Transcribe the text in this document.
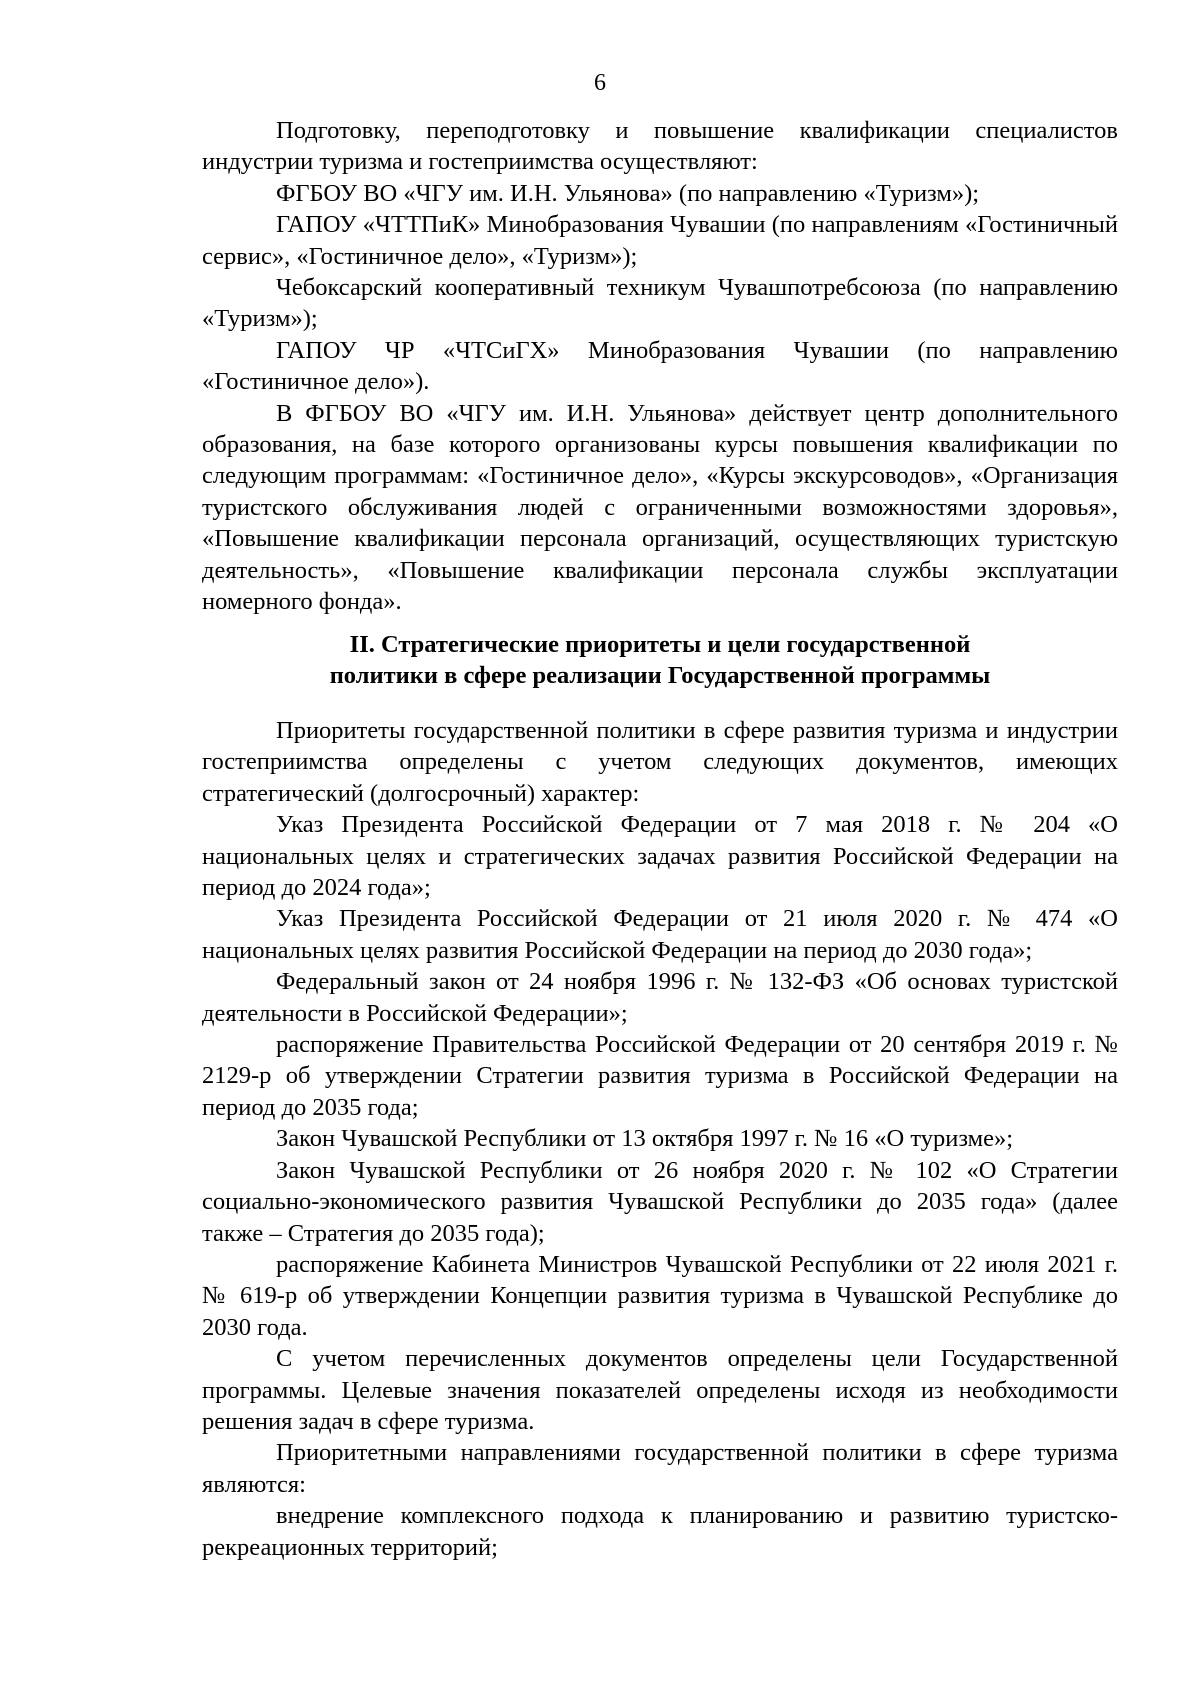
6

Подготовку, переподготовку и повышение квалификации специалистов индустрии туризма и гостеприимства осуществляют:

ФГБОУ ВО «ЧГУ им. И.Н. Ульянова» (по направлению «Туризм»);

ГАПОУ «ЧТТПиК» Минобразования Чувашии (по направлениям «Гостиничный сервис», «Гостиничное дело», «Туризм»);

Чебоксарский кооперативный техникум Чувашпотребсоюза (по направлению «Туризм»);

ГАПОУ ЧР «ЧТСиГХ» Минобразования Чувашии (по направлению «Гостиничное дело»).

В ФГБОУ ВО «ЧГУ им. И.Н. Ульянова» действует центр дополнительного образования, на базе которого организованы курсы повышения квалификации по следующим программам: «Гостиничное дело», «Курсы экскурсоводов», «Организация туристского обслуживания людей с ограниченными возможностями здоровья», «Повышение квалификации персонала организаций, осуществляющих туристскую деятельность», «Повышение квалификации персонала службы эксплуатации номерного фонда».

II. Стратегические приоритеты и цели государственной
политики в сфере реализации Государственной программы

Приоритеты государственной политики в сфере развития туризма и индустрии гостеприимства определены с учетом следующих документов, имеющих стратегический (долгосрочный) характер:

Указ Президента Российской Федерации от 7 мая 2018 г. № 204 «О национальных целях и стратегических задачах развития Российской Федерации на период до 2024 года»;

Указ Президента Российской Федерации от 21 июля 2020 г. № 474 «О национальных целях развития Российской Федерации на период до 2030 года»;

Федеральный закон от 24 ноября 1996 г. № 132-ФЗ «Об основах туристской деятельности в Российской Федерации»;

распоряжение Правительства Российской Федерации от 20 сентября 2019 г. № 2129-р об утверждении Стратегии развития туризма в Российской Федерации на период до 2035 года;

Закон Чувашской Республики от 13 октября 1997 г. № 16 «О туризме»;

Закон Чувашской Республики от 26 ноября 2020 г. № 102 «О Стратегии социально-экономического развития Чувашской Республики до 2035 года» (далее также – Стратегия до 2035 года);

распоряжение Кабинета Министров Чувашской Республики от 22 июля 2021 г. № 619-р об утверждении Концепции развития туризма в Чувашской Республике до 2030 года.

С учетом перечисленных документов определены цели Государственной программы. Целевые значения показателей определены исходя из необходимости решения задач в сфере туризма.

Приоритетными направлениями государственной политики в сфере туризма являются:

внедрение комплексного подхода к планированию и развитию туристско-рекреационных территорий;
